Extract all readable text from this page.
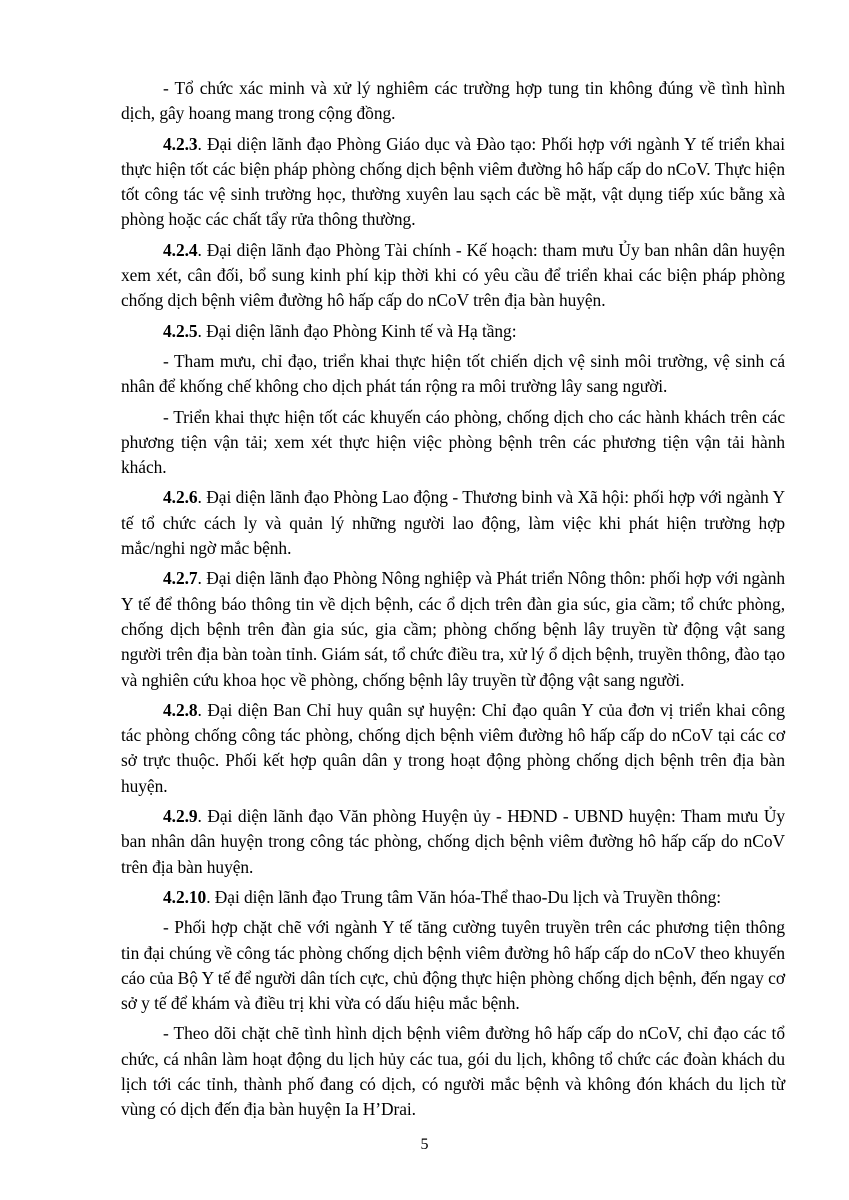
- Tổ chức xác minh và xử lý nghiêm các trường hợp tung tin không đúng về tình hình dịch, gây hoang mang trong cộng đồng.

4.2.3. Đại diện lãnh đạo Phòng Giáo dục và Đào tạo: Phối hợp với ngành Y tế triển khai thực hiện tốt các biện pháp phòng chống dịch bệnh viêm đường hô hấp cấp do nCoV. Thực hiện tốt công tác vệ sinh trường học, thường xuyên lau sạch các bề mặt, vật dụng tiếp xúc bằng xà phòng hoặc các chất tẩy rửa thông thường.

4.2.4. Đại diện lãnh đạo Phòng Tài chính - Kế hoạch: tham mưu Ủy ban nhân dân huyện xem xét, cân đối, bổ sung kinh phí kịp thời khi có yêu cầu để triển khai các biện pháp phòng chống dịch bệnh viêm đường hô hấp cấp do nCoV trên địa bàn huyện.

4.2.5. Đại diện lãnh đạo Phòng Kinh tế và Hạ tầng:

- Tham mưu, chỉ đạo, triển khai thực hiện tốt chiến dịch vệ sinh môi trường, vệ sinh cá nhân để khống chế không cho dịch phát tán rộng ra môi trường lây sang người.

- Triển khai thực hiện tốt các khuyến cáo phòng, chống dịch cho các hành khách trên các phương tiện vận tải; xem xét thực hiện việc phòng bệnh trên các phương tiện vận tải hành khách.

4.2.6. Đại diện lãnh đạo Phòng Lao động - Thương binh và Xã hội: phối hợp với ngành Y tế tổ chức cách ly và quản lý những người lao động, làm việc khi phát hiện trường hợp mắc/nghi ngờ mắc bệnh.

4.2.7. Đại diện lãnh đạo Phòng Nông nghiệp và Phát triển Nông thôn: phối hợp với ngành Y tế để thông báo thông tin về dịch bệnh, các ổ dịch trên đàn gia súc, gia cầm; tổ chức phòng, chống dịch bệnh trên đàn gia súc, gia cầm; phòng chống bệnh lây truyền từ động vật sang người trên địa bàn toàn tỉnh. Giám sát, tổ chức điều tra, xử lý ổ dịch bệnh, truyền thông, đào tạo và nghiên cứu khoa học về phòng, chống bệnh lây truyền từ động vật sang người.

4.2.8. Đại diện Ban Chỉ huy quân sự huyện: Chỉ đạo quân Y của đơn vị triển khai công tác phòng chống công tác phòng, chống dịch bệnh viêm đường hô hấp cấp do nCoV tại các cơ sở trực thuộc. Phối kết hợp quân dân y trong hoạt động phòng chống dịch bệnh trên địa bàn huyện.

4.2.9. Đại diện lãnh đạo Văn phòng Huyện ủy - HĐND - UBND huyện: Tham mưu Ủy ban nhân dân huyện trong công tác phòng, chống dịch bệnh viêm đường hô hấp cấp do nCoV trên địa bàn huyện.

4.2.10. Đại diện lãnh đạo Trung tâm Văn hóa-Thể thao-Du lịch và Truyền thông:

- Phối hợp chặt chẽ với ngành Y tế tăng cường tuyên truyền trên các phương tiện thông tin đại chúng về công tác phòng chống dịch bệnh viêm đường hô hấp cấp do nCoV theo khuyến cáo của Bộ Y tế để người dân tích cực, chủ động thực hiện phòng chống dịch bệnh, đến ngay cơ sở y tế để khám và điều trị khi vừa có dấu hiệu mắc bệnh.

- Theo dõi chặt chẽ tình hình dịch bệnh viêm đường hô hấp cấp do nCoV, chỉ đạo các tổ chức, cá nhân làm hoạt động du lịch hủy các tua, gói du lịch, không tổ chức các đoàn khách du lịch tới các tỉnh, thành phố đang có dịch, có người mắc bệnh và không đón khách du lịch từ vùng có dịch đến địa bàn huyện Ia H’Drai.

5
